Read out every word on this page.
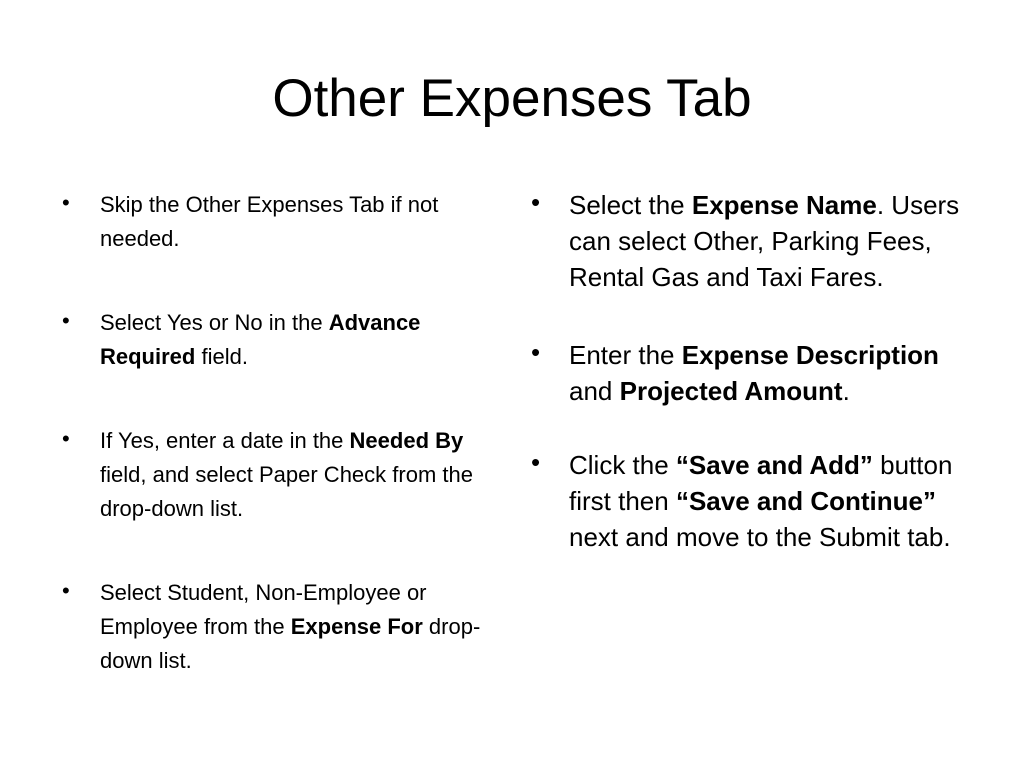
Other Expenses Tab
• Skip the Other Expenses Tab if not needed.
• Select Yes or No in the Advance Required field.
• If Yes, enter a date in the Needed By field, and select Paper Check from the drop-down list.
• Select Student, Non-Employee or Employee from the Expense For drop-down list.
• Select the Expense Name. Users can select Other, Parking Fees, Rental Gas and Taxi Fares.
• Enter the Expense Description and Projected Amount.
• Click the “Save and Add” button first then “Save and Continue”  next and move to the Submit tab.
